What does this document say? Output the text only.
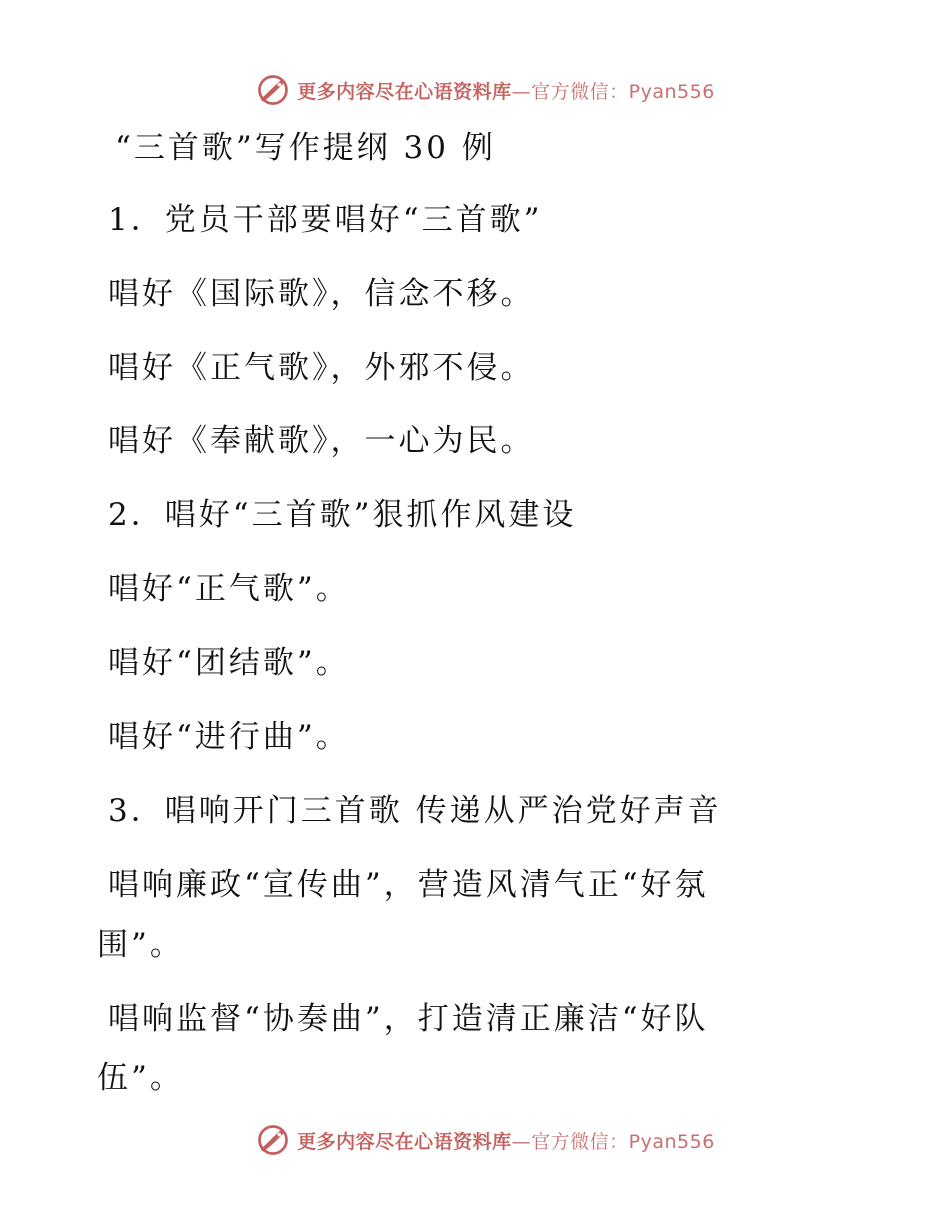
更多内容尽在心语资料库—官方微信：Pyan556
“三首歌”写作提纲 30 例
1．党员干部要唱好“三首歌”
唱好《国际歌》，信念不移。
唱好《正气歌》，外邪不侵。
唱好《奉献歌》，一心为民。
2．唱好“三首歌”狠抓作风建设
唱好“正气歌”。
唱好“团结歌”。
唱好“进行曲”。
3．唱响开门三首歌 传递从严治党好声音
唱响廉政“宣传曲”，营造风清气正“好氛
围”。
唱响监督“协奏曲”，打造清正廉洁“好队
伍”。
更多内容尽在心语资料库—官方微信：Pyan556
